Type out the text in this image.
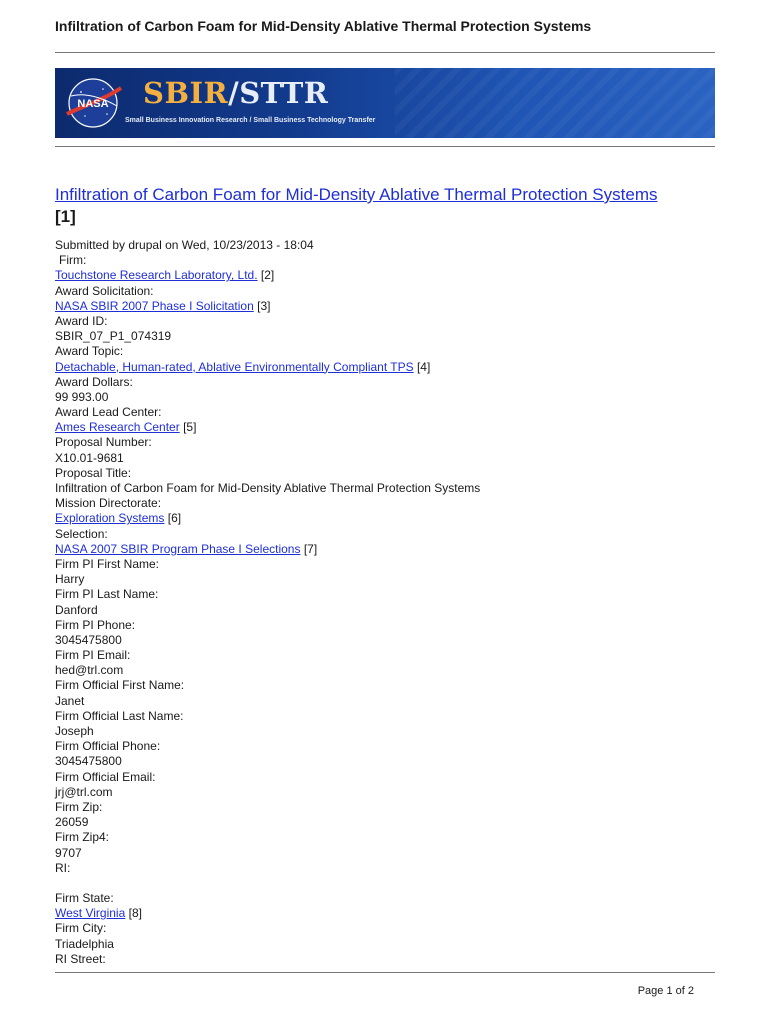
Infiltration of Carbon Foam for Mid-Density Ablative Thermal Protection Systems
NASA SBIR/STTR
Small Business Innovation Research / Small Business Technology Transfer
Infiltration of Carbon Foam for Mid-Density Ablative Thermal Protection Systems
[1]
Submitted by drupal on Wed, 10/23/2013 - 18:04
Firm:
Touchstone Research Laboratory, Ltd. [2]
Award Solicitation:
NASA SBIR 2007 Phase I Solicitation [3]
Award ID:
SBIR_07_P1_074319
Award Topic:
Detachable, Human-rated, Ablative Environmentally Compliant TPS [4]
Award Dollars:
99 993.00
Award Lead Center:
Ames Research Center [5]
Proposal Number:
X10.01-9681
Proposal Title:
Infiltration of Carbon Foam for Mid-Density Ablative Thermal Protection Systems
Mission Directorate:
Exploration Systems [6]
Selection:
NASA 2007 SBIR Program Phase I Selections [7]
Firm PI First Name:
Harry
Firm PI Last Name:
Danford
Firm PI Phone:
3045475800
Firm PI Email:
hed@trl.com
Firm Official First Name:
Janet
Firm Official Last Name:
Joseph
Firm Official Phone:
3045475800
Firm Official Email:
jrj@trl.com
Firm Zip:
26059
Firm Zip4:
9707
RI:
Firm State:
West Virginia [8]
Firm City:
Triadelphia
RI Street:
Page 1 of 2
